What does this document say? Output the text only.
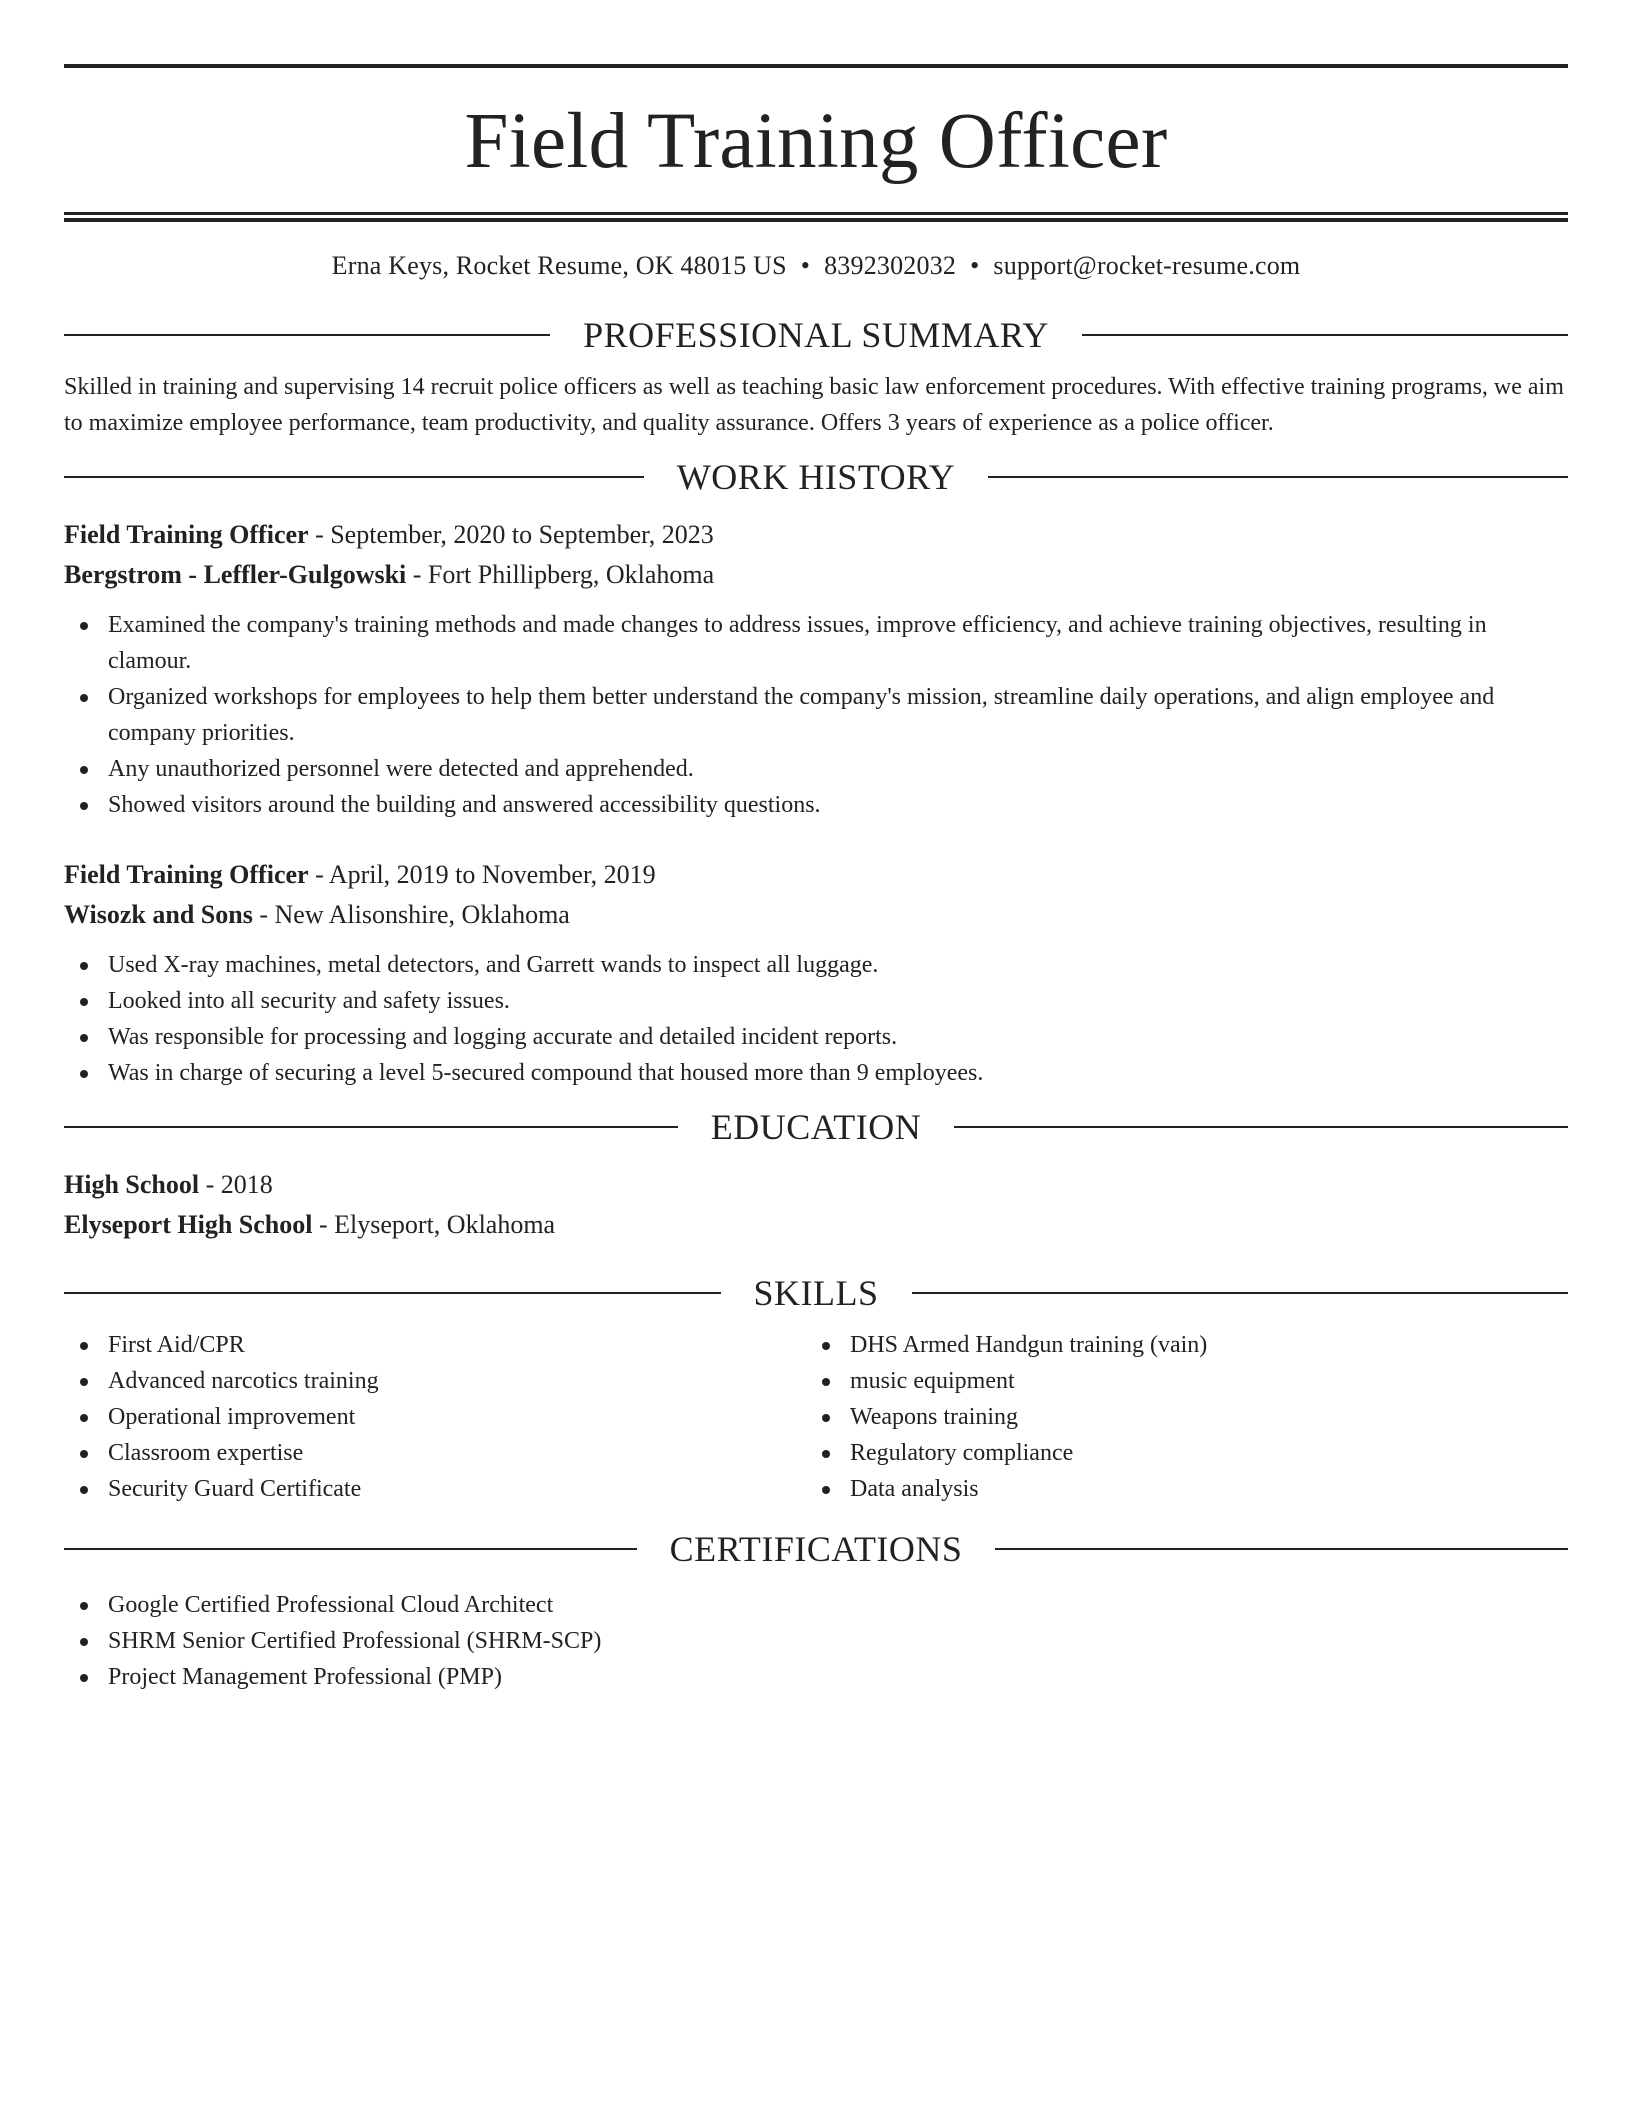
Field Training Officer
Erna Keys, Rocket Resume, OK 48015 US • 8392302032 • support@rocket-resume.com
PROFESSIONAL SUMMARY
Skilled in training and supervising 14 recruit police officers as well as teaching basic law enforcement procedures. With effective training programs, we aim to maximize employee performance, team productivity, and quality assurance. Offers 3 years of experience as a police officer.
WORK HISTORY
Field Training Officer - September, 2020 to September, 2023
Bergstrom - Leffler-Gulgowski - Fort Phillipberg, Oklahoma
Examined the company's training methods and made changes to address issues, improve efficiency, and achieve training objectives, resulting in clamour.
Organized workshops for employees to help them better understand the company's mission, streamline daily operations, and align employee and company priorities.
Any unauthorized personnel were detected and apprehended.
Showed visitors around the building and answered accessibility questions.
Field Training Officer - April, 2019 to November, 2019
Wisozk and Sons - New Alisonshire, Oklahoma
Used X-ray machines, metal detectors, and Garrett wands to inspect all luggage.
Looked into all security and safety issues.
Was responsible for processing and logging accurate and detailed incident reports.
Was in charge of securing a level 5-secured compound that housed more than 9 employees.
EDUCATION
High School - 2018
Elyseport High School - Elyseport, Oklahoma
SKILLS
First Aid/CPR
Advanced narcotics training
Operational improvement
Classroom expertise
Security Guard Certificate
DHS Armed Handgun training (vain)
music equipment
Weapons training
Regulatory compliance
Data analysis
CERTIFICATIONS
Google Certified Professional Cloud Architect
SHRM Senior Certified Professional (SHRM-SCP)
Project Management Professional (PMP)
